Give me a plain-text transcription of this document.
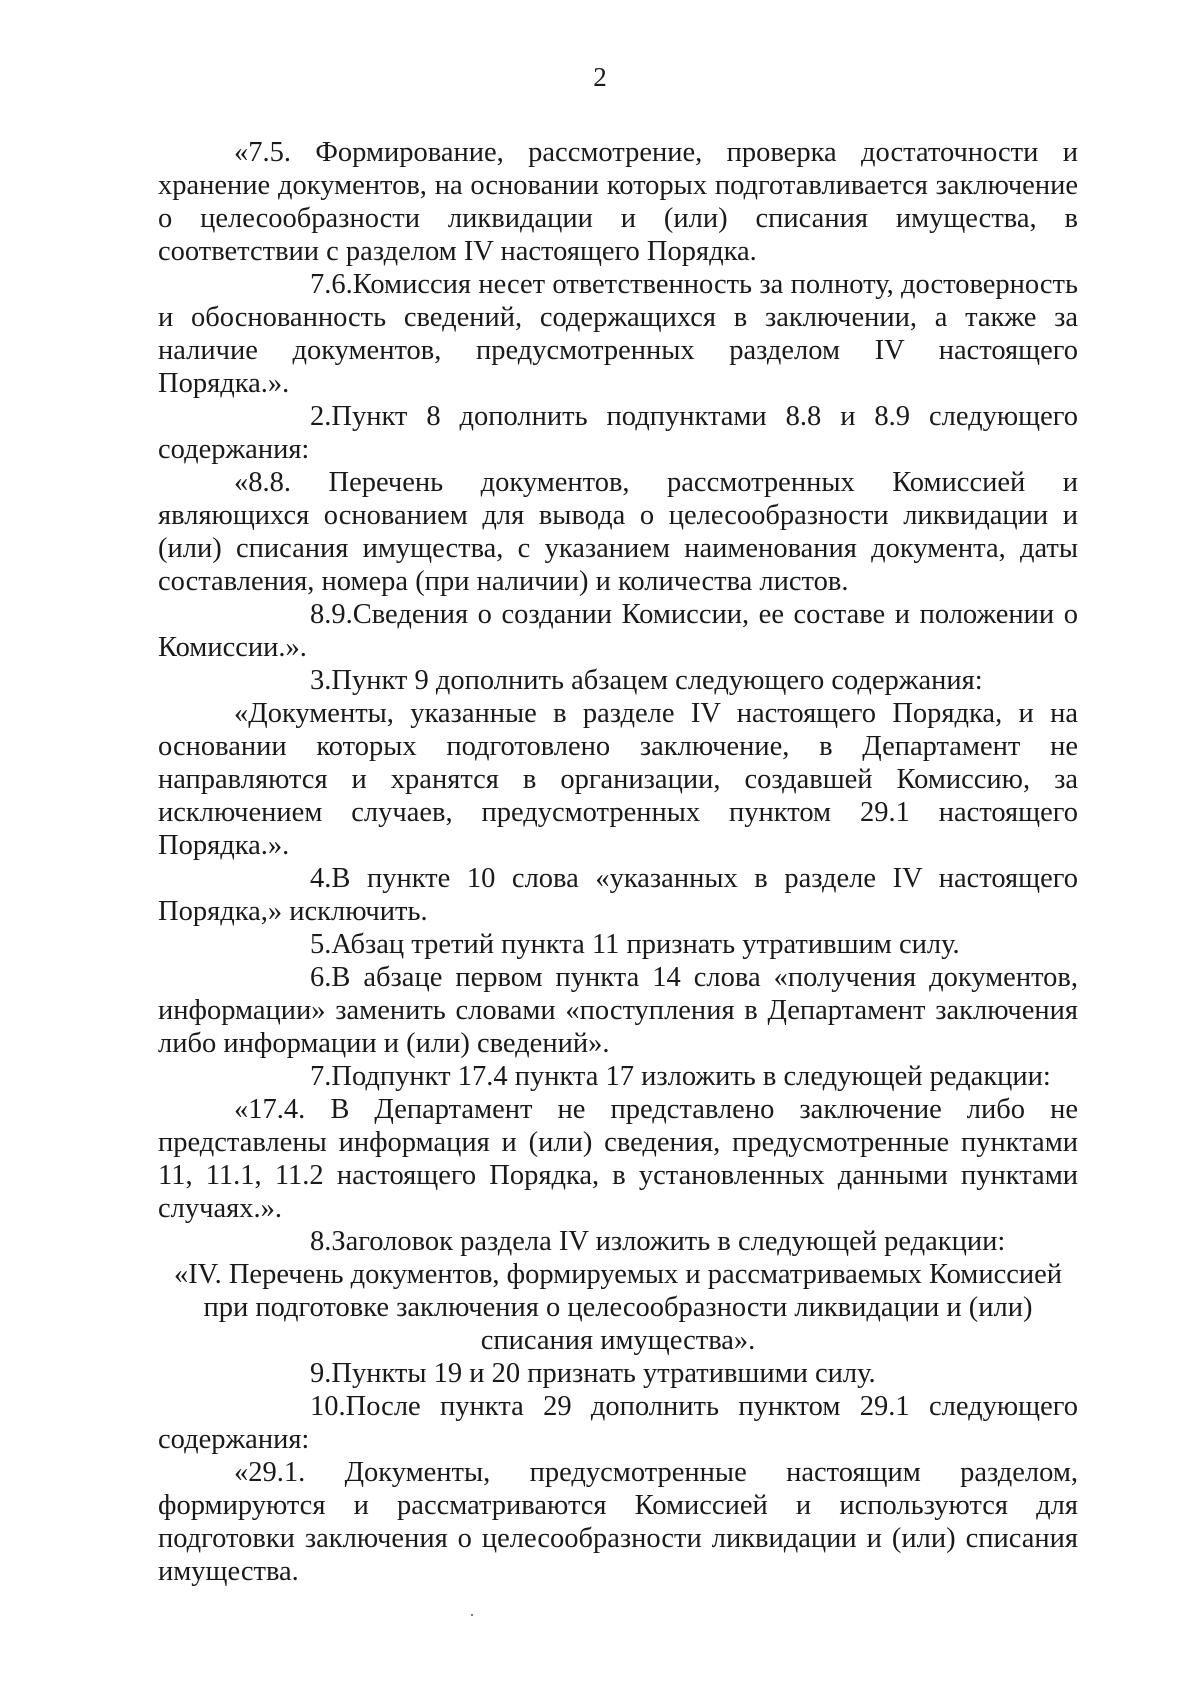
2

«7.5. Формирование, рассмотрение, проверка достаточности и хранение документов, на основании которых подготавливается заключение о целесообразности ликвидации и (или) списания имущества, в соответствии с разделом IV настоящего Порядка.

7.6.Комиссия несет ответственность за полноту, достоверность и обоснованность сведений, содержащихся в заключении, а также за наличие документов, предусмотренных разделом IV настоящего Порядка.».

2.Пункт 8 дополнить подпунктами 8.8 и 8.9 следующего содержания:

«8.8. Перечень документов, рассмотренных Комиссией и являющихся основанием для вывода о целесообразности ликвидации и (или) списания имущества, с указанием наименования документа, даты составления, номера (при наличии) и количества листов.

8.9.Сведения о создании Комиссии, ее составе и положении о Комиссии.».

3.Пункт 9 дополнить абзацем следующего содержания:

«Документы, указанные в разделе IV настоящего Порядка, и на основании которых подготовлено заключение, в Департамент не направляются и хранятся в организации, создавшей Комиссию, за исключением случаев, предусмотренных пунктом 29.1 настоящего Порядка.».

4.В пункте 10 слова «указанных в разделе IV настоящего Порядка,» исключить.

5.Абзац третий пункта 11 признать утратившим силу.

6.В абзаце первом пункта 14 слова «получения документов, информации» заменить словами «поступления в Департамент заключения либо информации и (или) сведений».

7.Подпункт 17.4 пункта 17 изложить в следующей редакции:

«17.4. В Департамент не представлено заключение либо не представлены информация и (или) сведения, предусмотренные пунктами 11, 11.1, 11.2 настоящего Порядка, в установленных данными пунктами случаях.».

8.Заголовок раздела IV изложить в следующей редакции:

«IV. Перечень документов, формируемых и рассматриваемых Комиссией при подготовке заключения о целесообразности ликвидации и (или) списания имущества».

9.Пункты 19 и 20 признать утратившими силу.

10.После пункта 29 дополнить пунктом 29.1 следующего содержания:

«29.1. Документы, предусмотренные настоящим разделом, формируются и рассматриваются Комиссией и используются для подготовки заключения о целесообразности ликвидации и (или) списания имущества.
